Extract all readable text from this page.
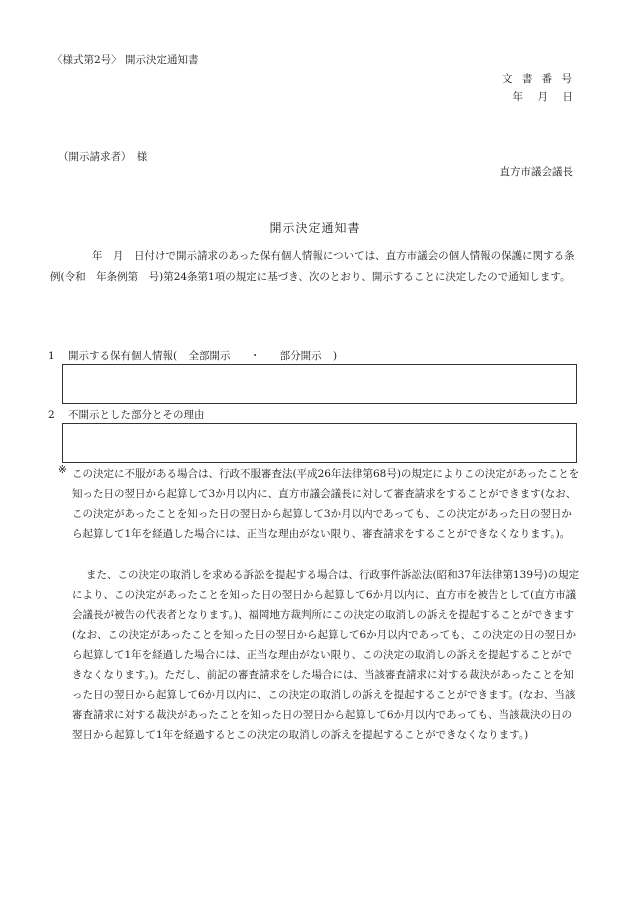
〈様式第2号〉 開示決定通知書
文 書 番 号
年　月　日
（開示請求者）　様
直方市議会議長
開示決定通知書
年　月　日付けで開示請求のあった保有個人情報については、直方市議会の個人情報の保護に関する条例(令和　年条例第　号)第24条第1項の規定に基づき、次のとおり、開示することに決定したので通知します。
1 開示する保有個人情報( 全部開示 ・ 部分開示 )
2 不開示とした部分とその理由
※ この決定に不服がある場合は、行政不服審査法(平成26年法律第68号)の規定によりこの決定があったことを知った日の翌日から起算して3か月以内に、直方市議会議長に対して審査請求をすることができます(なお、この決定があったことを知った日の翌日から起算して3か月以内であっても、この決定があった日の翌日から起算して1年を経過した場合には、正当な理由がない限り、審査請求をすることができなくなります。)。
また、この決定の取消しを求める訴訟を提起する場合は、行政事件訴訟法(昭和37年法律第139号)の規定により、この決定があったことを知った日の翌日から起算して6か月以内に、直方市を被告として(直方市議会議長が被告の代表者となります。)、福岡地方裁判所にこの決定の取消しの訴えを提起することができます(なお、この決定があったことを知った日の翌日から起算して6か月以内であっても、この決定の日の翌日から起算して1年を経過した場合には、正当な理由がない限り、この決定の取消しの訴えを提起することができなくなります。)。ただし、前記の審査請求をした場合には、当該審査請求に対する裁決があったことを知った日の翌日から起算して6か月以内に、この決定の取消しの訴えを提起することができます。(なお、当該審査請求に対する裁決があったことを知った日の翌日から起算して6か月以内であっても、当該裁決の日の翌日から起算して1年を経過するとこの決定の取消しの訴えを提起することができなくなります。)
